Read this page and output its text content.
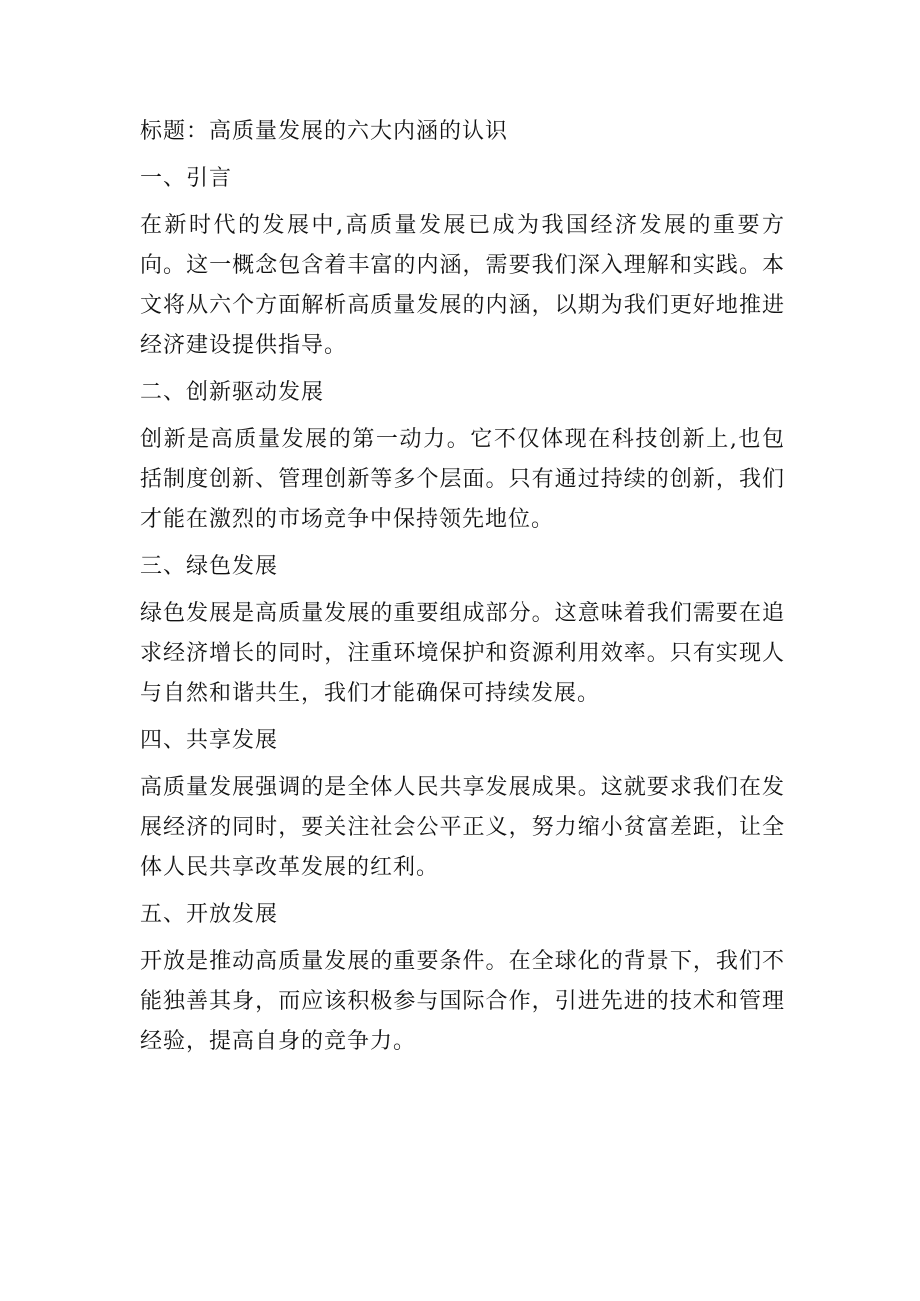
标题：高质量发展的六大内涵的认识

一、引言

在新时代的发展中,高质量发展已成为我国经济发展的重要方向。这一概念包含着丰富的内涵，需要我们深入理解和实践。本文将从六个方面解析高质量发展的内涵，以期为我们更好地推进经济建设提供指导。

二、创新驱动发展

创新是高质量发展的第一动力。它不仅体现在科技创新上,也包括制度创新、管理创新等多个层面。只有通过持续的创新，我们才能在激烈的市场竞争中保持领先地位。

三、绿色发展

绿色发展是高质量发展的重要组成部分。这意味着我们需要在追求经济增长的同时，注重环境保护和资源利用效率。只有实现人与自然和谐共生，我们才能确保可持续发展。

四、共享发展

高质量发展强调的是全体人民共享发展成果。这就要求我们在发展经济的同时，要关注社会公平正义，努力缩小贫富差距，让全体人民共享改革发展的红利。

五、开放发展

开放是推动高质量发展的重要条件。在全球化的背景下，我们不能独善其身，而应该积极参与国际合作，引进先进的技术和管理经验，提高自身的竞争力。
